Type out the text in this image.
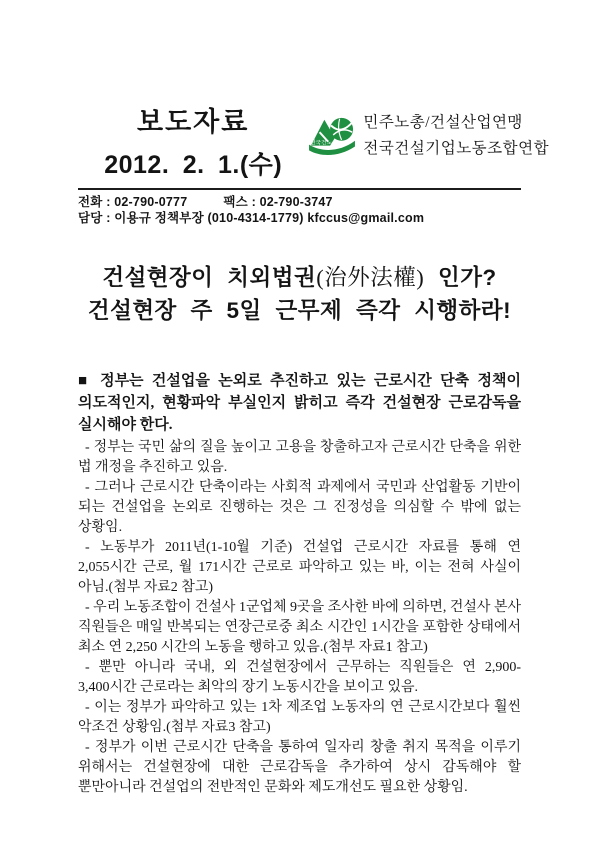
보도자료
2012. 2. 1.(수)
전국건노
민주노총/건설산업연맹
전국건설기업노동조합연합
전화 : 02-790-0777	팩스 : 02-790-3747
담당 : 이용규 정책부장 (010-4314-1779) kfccus@gmail.com
건설현장이 치외법권(治外法權) 인가?
건설현장 주 5일 근무제 즉각 시행하라!

■ 정부는 건설업을 논외로 추진하고 있는 근로시간 단축 정책이 의도적인지, 현황파악 부실인지 밝히고 즉각 건설현장 근로감독을 실시해야 한다.

- 정부는 국민 삶의 질을 높이고 고용을 창출하고자 근로시간 단축을 위한 법 개정을 추진하고 있음.

- 그러나 근로시간 단축이라는 사회적 과제에서 국민과 산업활동 기반이 되는 건설업을 논외로 진행하는 것은 그 진정성을 의심할 수 밖에 없는 상황임.

- 노동부가 2011년(1-10월 기준) 건설업 근로시간 자료를 통해 연 2,055시간 근로, 월 171시간 근로로 파악하고 있는 바, 이는 전혀 사실이 아님.(첨부 자료2 참고)

- 우리 노동조합이 건설사 1군업체 9곳을 조사한 바에 의하면, 건설사 본사 직원들은 매일 반복되는 연장근로중 최소 시간인 1시간을 포함한 상태에서 최소 연 2,250 시간의 노동을 행하고 있음.(첨부 자료1 참고)

- 뿐만 아니라 국내, 외 건설현장에서 근무하는 직원들은 연 2,900-3,400시간 근로라는 최악의 장기 노동시간을 보이고 있음.

- 이는 정부가 파악하고 있는 1차 제조업 노동자의 연 근로시간보다 훨씬 악조건 상황임.(첨부 자료3 참고)

- 정부가 이번 근로시간 단축을 통하여 일자리 창출 취지 목적을 이루기 위해서는 건설현장에 대한 근로감독을 추가하여 상시 감독해야 할 뿐만아니라 건설업의 전반적인 문화와 제도개선도 필요한 상황임.
